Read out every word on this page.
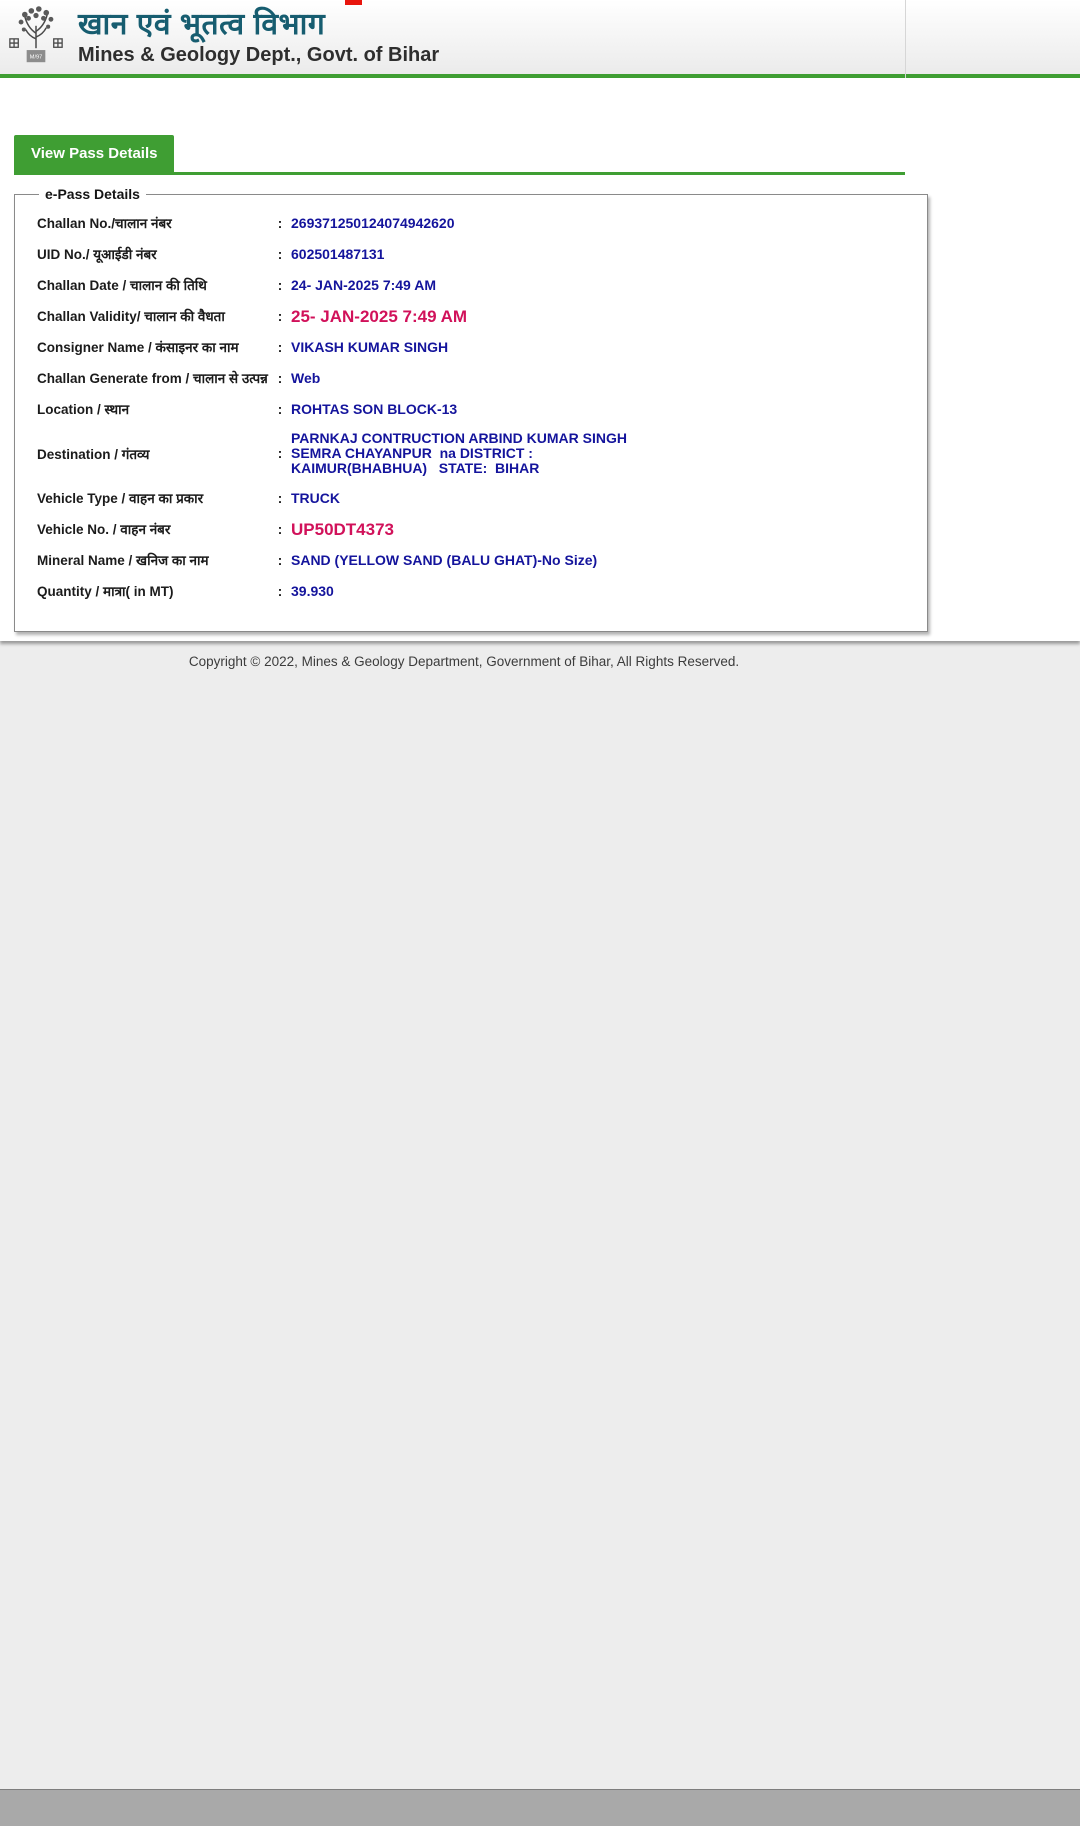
M/97
खान एवं भूतत्व विभाग
Mines & Geology Dept., Govt. of Bihar
View Pass Details
e-Pass Details
Challan No./चालान नंबर	: 269371250124074942620
UID No./ यूआईडी नंबर	: 602501487131
Challan Date / चालान की तिथि	: 24- JAN-2025 7:49 AM
Challan Validity/ चालान की वैधता	: 25- JAN-2025 7:49 AM
Consigner Name / कंसाइनर का नाम	: VIKASH KUMAR SINGH
Challan Generate from / चालान से उत्पन्न : Web
Location / स्थान	: ROHTAS SON BLOCK-13
Destination / गंतव्य	:
PARNKAJ CONTRUCTION ARBIND KUMAR SINGH SEMRA CHAYANPUR  na DISTRICT : KAIMUR(BHABHUA)   STATE:  BIHAR
Vehicle Type / वाहन का प्रकार	: TRUCK
Vehicle No. / वाहन नंबर	: UP50DT4373
Mineral Name / खनिज का नाम	: SAND (YELLOW SAND (BALU GHAT)-No Size)
Quantity / मात्रा( in MT)	: 39.930
Copyright © 2022, Mines & Geology Department, Government of Bihar, All Rights Reserved.
